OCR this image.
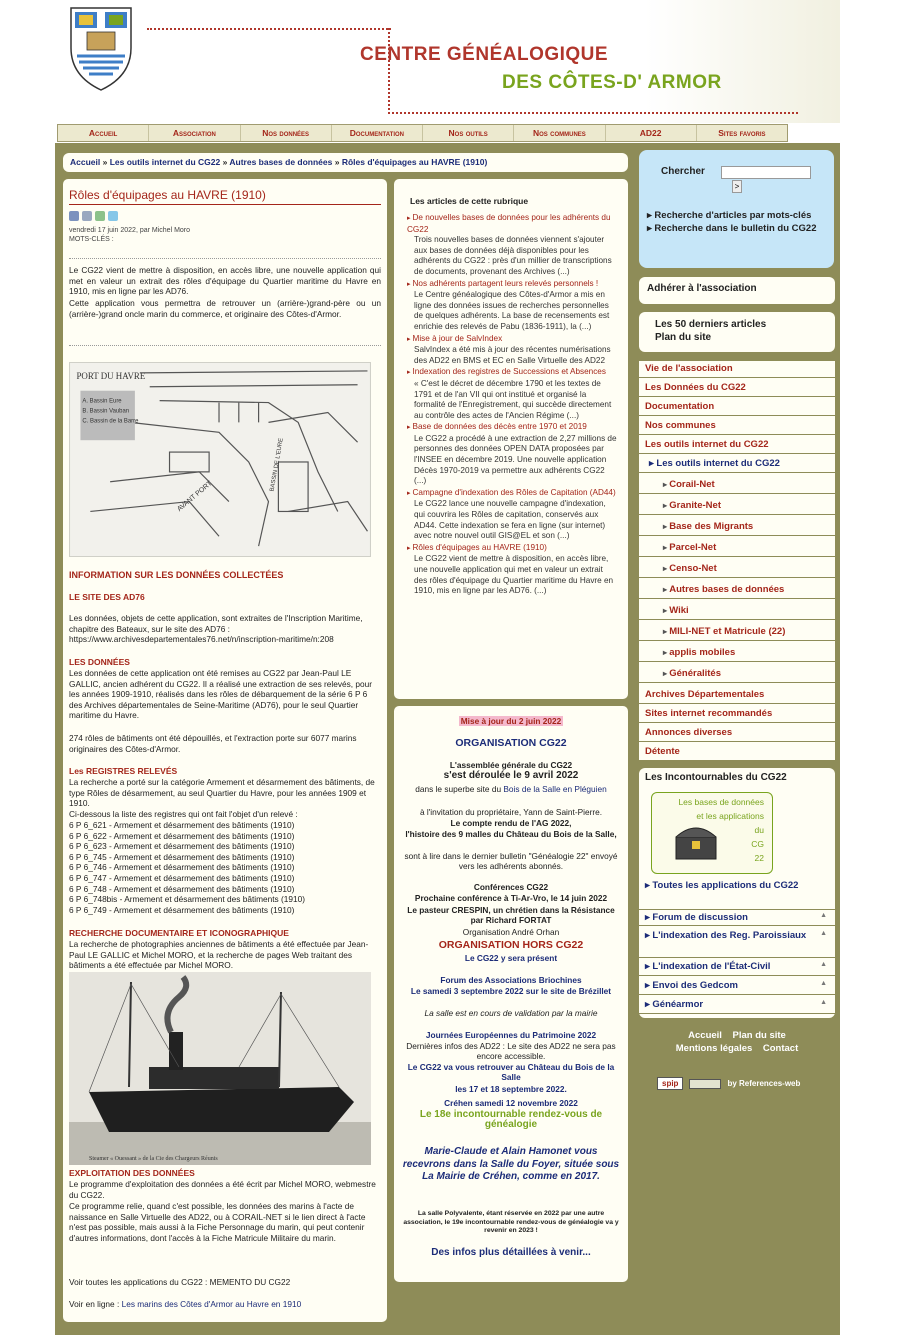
CENTRE GÉNÉALOGIQUE
DES CÔTES-D' ARMOR
Accueil	Association	Nos données	Documentation	Nos outils	Nos communes	AD22	Sites favoris
Accueil » Les outils internet du CG22 » Autres bases de données » Rôles d'équipages au HAVRE (1910)
Rôles d'équipages au HAVRE (1910)
vendredi 17 juin 2022, par Michel Moro
MOTS-CLÉS :
Le CG22 vient de mettre à disposition, en accès libre, une nouvelle application qui met en valeur un extrait des rôles d'équipage du Quartier maritime du Havre en 1910, mis en ligne par les AD76.
Cette application vous permettra de retrouver un (arrière-)grand-père ou un (arrière-)grand oncle marin du commerce, et originaire des Côtes-d'Armor.
PORT DU HAVRE
A. Bassin Eure
B. Bassin Vauban
C. Bassin de la Barre
AVANT PORT
BASSIN DE L'EURE
INFORMATION SUR LES DONNÉES COLLECTÉES
LE SITE DES AD76
Les données, objets de cette application, sont extraites de l'Inscription Maritime, chapitre des Bateaux, sur le site des AD76 : https://www.archivesdepartementales76.net/n/inscription-maritime/n:208
LES DONNÉES
Les données de cette application ont été remises au CG22 par Jean-Paul LE GALLIC, ancien adhérent du CG22. Il a réalisé une extraction de ses relevés, pour les années 1909-1910, réalisés dans les rôles de débarquement de la série 6 P 6 des Archives départementales de Seine-Maritime (AD76), pour le seul Quartier maritime du Havre.
274 rôles de bâtiments ont été dépouillés, et l'extraction porte sur 6077 marins originaires des Côtes-d'Armor.
Les REGISTRES RELEVÉS
La recherche a porté sur la catégorie Armement et désarmement des bâtiments, de type Rôles de désarmement, au seul Quartier du Havre, pour les années 1909 et 1910.
Ci-dessous la liste des registres qui ont fait l'objet d'un relevé :
6 P 6_621 - Armement et désarmement des bâtiments (1910)
6 P 6_622 - Armement et désarmement des bâtiments (1910)
6 P 6_623 - Armement et désarmement des bâtiments (1910)
6 P 6_745 - Armement et désarmement des bâtiments (1910)
6 P 6_746 - Armement et désarmement des bâtiments (1910)
6 P 6_747 - Armement et désarmement des bâtiments (1910)
6 P 6_748 - Armement et désarmement des bâtiments (1910)
6 P 6_748bis - Armement et désarmement des bâtiments (1910)
6 P 6_749 - Armement et désarmement des bâtiments (1910)
RECHERCHE DOCUMENTAIRE ET ICONOGRAPHIQUE
La recherche de photographies anciennes de bâtiments a été effectuée par Jean-Paul LE GALLIC et Michel MORO, et la recherche de pages Web traitant des bâtiments a été effectuée par Michel MORO.
Steamer « Ouessant » de la Cie des Chargeurs Réunis
EXPLOITATION DES DONNÉES
Le programme d'exploitation des données a été écrit par Michel MORO, webmestre du CG22.
Ce programme relie, quand c'est possible, les données des marins à l'acte de naissance en Salle Virtuelle des AD22, ou à CORAIL-NET si le lien direct à l'acte n'est pas possible, mais aussi à la Fiche Personnage du marin, qui peut contenir d'autres informations, dont l'accès à la Fiche Matricule Militaire du marin.
Voir toutes les applications du CG22 : MEMENTO DU CG22
Voir en ligne : Les marins des Côtes d'Armor au Havre en 1910
Les articles de cette rubrique
▸ De nouvelles bases de données pour les adhérents du CG22
Trois nouvelles bases de données viennent s'ajouter aux bases de données déjà disponibles pour les adhérents du CG22 : près d'un millier de transcriptions de documents, provenant des Archives (...)
▸ Nos adhérents partagent leurs relevés personnels !
Le Centre généalogique des Côtes-d'Armor a mis en ligne des données issues de recherches personnelles de quelques adhérents. La base de recensements est enrichie des relevés de Pabu (1836-1911), la (...)
▸ Mise à jour de SalvIndex
SalvIndex a été mis à jour des récentes numérisations des AD22 en BMS et EC en Salle Virtuelle des AD22
▸ Indexation des registres de Successions et Absences
« C'est le décret de décembre 1790 et les textes de 1791 et de l'an VII qui ont institué et organisé la formalité de l'Enregistrement, qui succède directement au contrôle des actes de l'Ancien Régime (...)
▸ Base de données des décès entre 1970 et 2019
Le CG22 a procédé à une extraction de 2,27 millions de personnes des données OPEN DATA proposées par l'INSEE en décembre 2019. Une nouvelle application Décès 1970-2019 va permettre aux adhérents CG22 (...)
▸ Campagne d'indexation des Rôles de Capitation (AD44)
Le CG22 lance une nouvelle campagne d'indexation, qui couvrira les Rôles de capitation, conservés aux AD44. Cette indexation se fera en ligne (sur internet) avec notre nouvel outil GIS@EL et son (...)
▸ Rôles d'équipages au HAVRE (1910)
Le CG22 vient de mettre à disposition, en accès libre, une nouvelle application qui met en valeur un extrait des rôles d'équipage du Quartier maritime du Havre en 1910, mis en ligne par les AD76. (...)
Mise à jour du 2 juin 2022
ORGANISATION CG22
L'assemblée générale du CG22
s'est déroulée le 9 avril 2022
dans le superbe site du Bois de la Salle en Pléguien
à l'invitation du propriétaire, Yann de Saint-Pierre.
Le compte rendu de l'AG 2022,
l'histoire des 9 malles du Château du Bois de la Salle,
sont à lire dans le dernier bulletin "Généalogie 22" envoyé vers les adhérents abonnés.
Conférences CG22
Prochaine conférence à Ti-Ar-Vro, le 14 juin 2022
Le pasteur CRESPIN, un chrétien dans la Résistance par Richard FORTAT
Organisation André Orhan
ORGANISATION HORS CG22
Le CG22 y sera présent
Forum des Associations Briochines
Le samedi 3 septembre 2022 sur le site de Brézillet
La salle est en cours de validation par la mairie
Journées Européennes du Patrimoine 2022
Dernières infos des AD22 : Le site des AD22 ne sera pas encore accessible.
Le CG22 va vous retrouver au Château du Bois de la Salle
les 17 et 18 septembre 2022.
Créhen samedi 12 novembre 2022
Le 18e incontournable rendez-vous de généalogie
Marie-Claude et Alain Hamonet vous recevrons dans la Salle du Foyer, située sous La Mairie de Créhen, comme en 2017.
La salle Polyvalente, étant réservée en 2022 par une autre association, le 19e incontournable rendez-vous de généalogie va y revenir en 2023 !
Des infos plus détaillées à venir...
Chercher
>
▸ Recherche d'articles par mots-clés
▸ Recherche dans le bulletin du CG22
Adhérer à l'association
Les 50 derniers articles
Plan du site
Vie de l'association
Les Données du CG22
Documentation
Nos communes
Les outils internet du CG22
▸ Les outils internet du CG22
▸ Corail-Net
▸ Granite-Net
▸ Base des Migrants
▸ Parcel-Net
▸ Censo-Net
▸ Autres bases de données
▸ Wiki
▸ MILI-NET et Matricule (22)
▸ applis mobiles
▸ Généralités
Archives Départementales
Sites internet recommandés
Annonces diverses
Détente
Les Incontournables du CG22
Les bases de données
et les applications
du
CG
22
▸ Toutes les applications du CG22
▸ Forum de discussion	▲
▸ L'indexation des Reg. Paroissiaux ▲
▸ L'indexation de l'État-Civil	▲
▸ Envoi des Gedcom	▲
▸ Généarmor	▲
Accueil Plan du site
Mentions légales Contact
spip	by References-web
